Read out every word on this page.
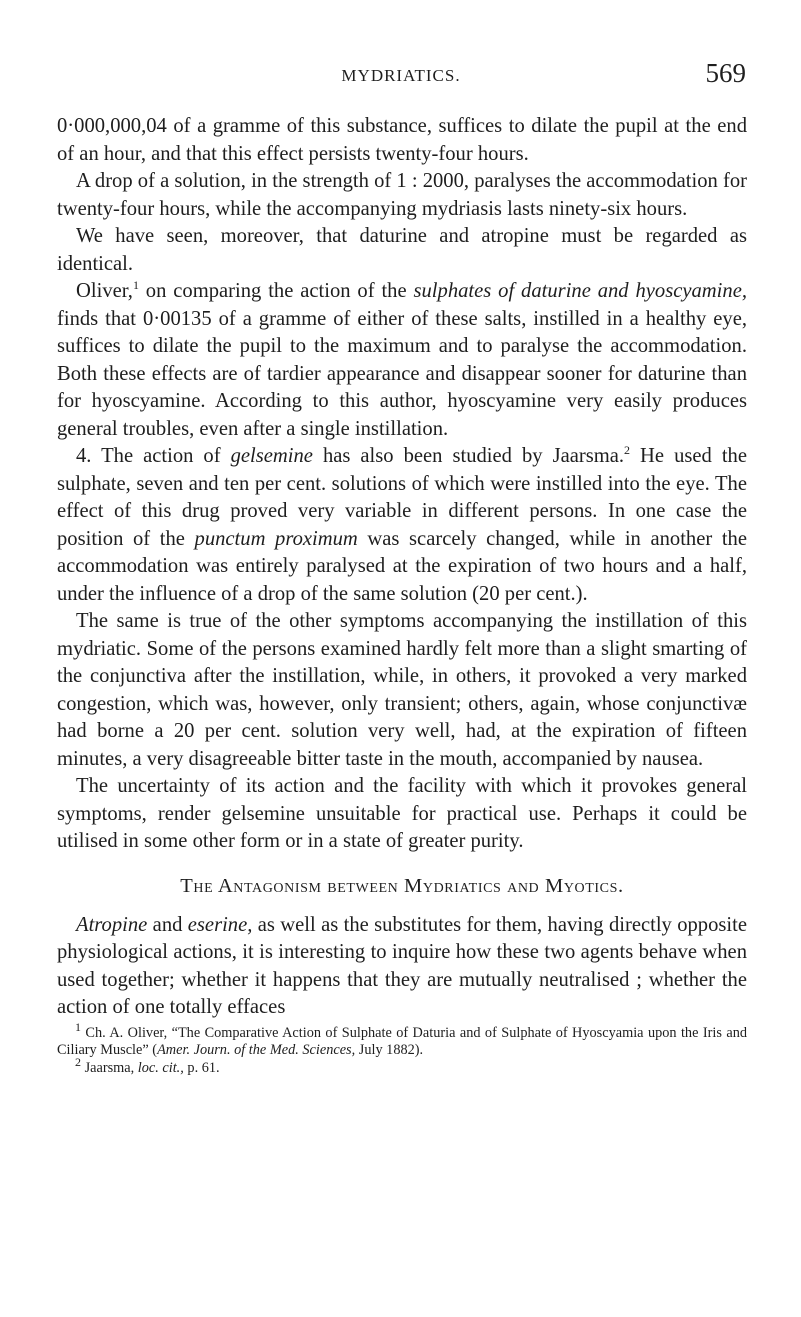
MYDRIATICS.	569

0·000,000,04 of a gramme of this substance, suffices to dilate the pupil at the end of an hour, and that this effect persists twenty-four hours.

A drop of a solution, in the strength of 1 : 2000, paralyses the accommodation for twenty-four hours, while the accompanying mydriasis lasts ninety-six hours.

We have seen, moreover, that daturine and atropine must be regarded as identical.

Oliver,$^1$ on comparing the action of the sulphates of daturine and hyoscyamine, finds that 0·00135 of a gramme of either of these salts, instilled in a healthy eye, suffices to dilate the pupil to the maximum and to paralyse the accommodation. Both these effects are of tardier appearance and disappear sooner for daturine than for hyoscyamine. According to this author, hyoscyamine very easily produces general troubles, even after a single instillation.

4. The action of gelsemine has also been studied by Jaarsma.$^2$ He used the sulphate, seven and ten per cent. solutions of which were instilled into the eye. The effect of this drug proved very variable in different persons. In one case the position of the punctum proximum was scarcely changed, while in another the accommodation was entirely paralysed at the expiration of two hours and a half, under the influence of a drop of the same solution (20 per cent.).

The same is true of the other symptoms accompanying the instillation of this mydriatic. Some of the persons examined hardly felt more than a slight smarting of the conjunctiva after the instillation, while, in others, it provoked a very marked congestion, which was, however, only transient; others, again, whose conjunctivæ had borne a 20 per cent. solution very well, had, at the expiration of fifteen minutes, a very disagreeable bitter taste in the mouth, accompanied by nausea.

The uncertainty of its action and the facility with which it provokes general symptoms, render gelsemine unsuitable for practical use. Perhaps it could be utilised in some other form or in a state of greater purity.

The Antagonism between Mydriatics and Myotics.

Atropine and eserine, as well as the substitutes for them, having directly opposite physiological actions, it is interesting to inquire how these two agents behave when used together; whether it happens that they are mutually neutralised ; whether the action of one totally effaces

$^1$ Ch. A. Oliver, “The Comparative Action of Sulphate of Daturia and of Sulphate of Hyoscyamia upon the Iris and Ciliary Muscle” (Amer. Journ. of the Med. Sciences, July 1882).
$^2$ Jaarsma, loc. cit., p. 61.
